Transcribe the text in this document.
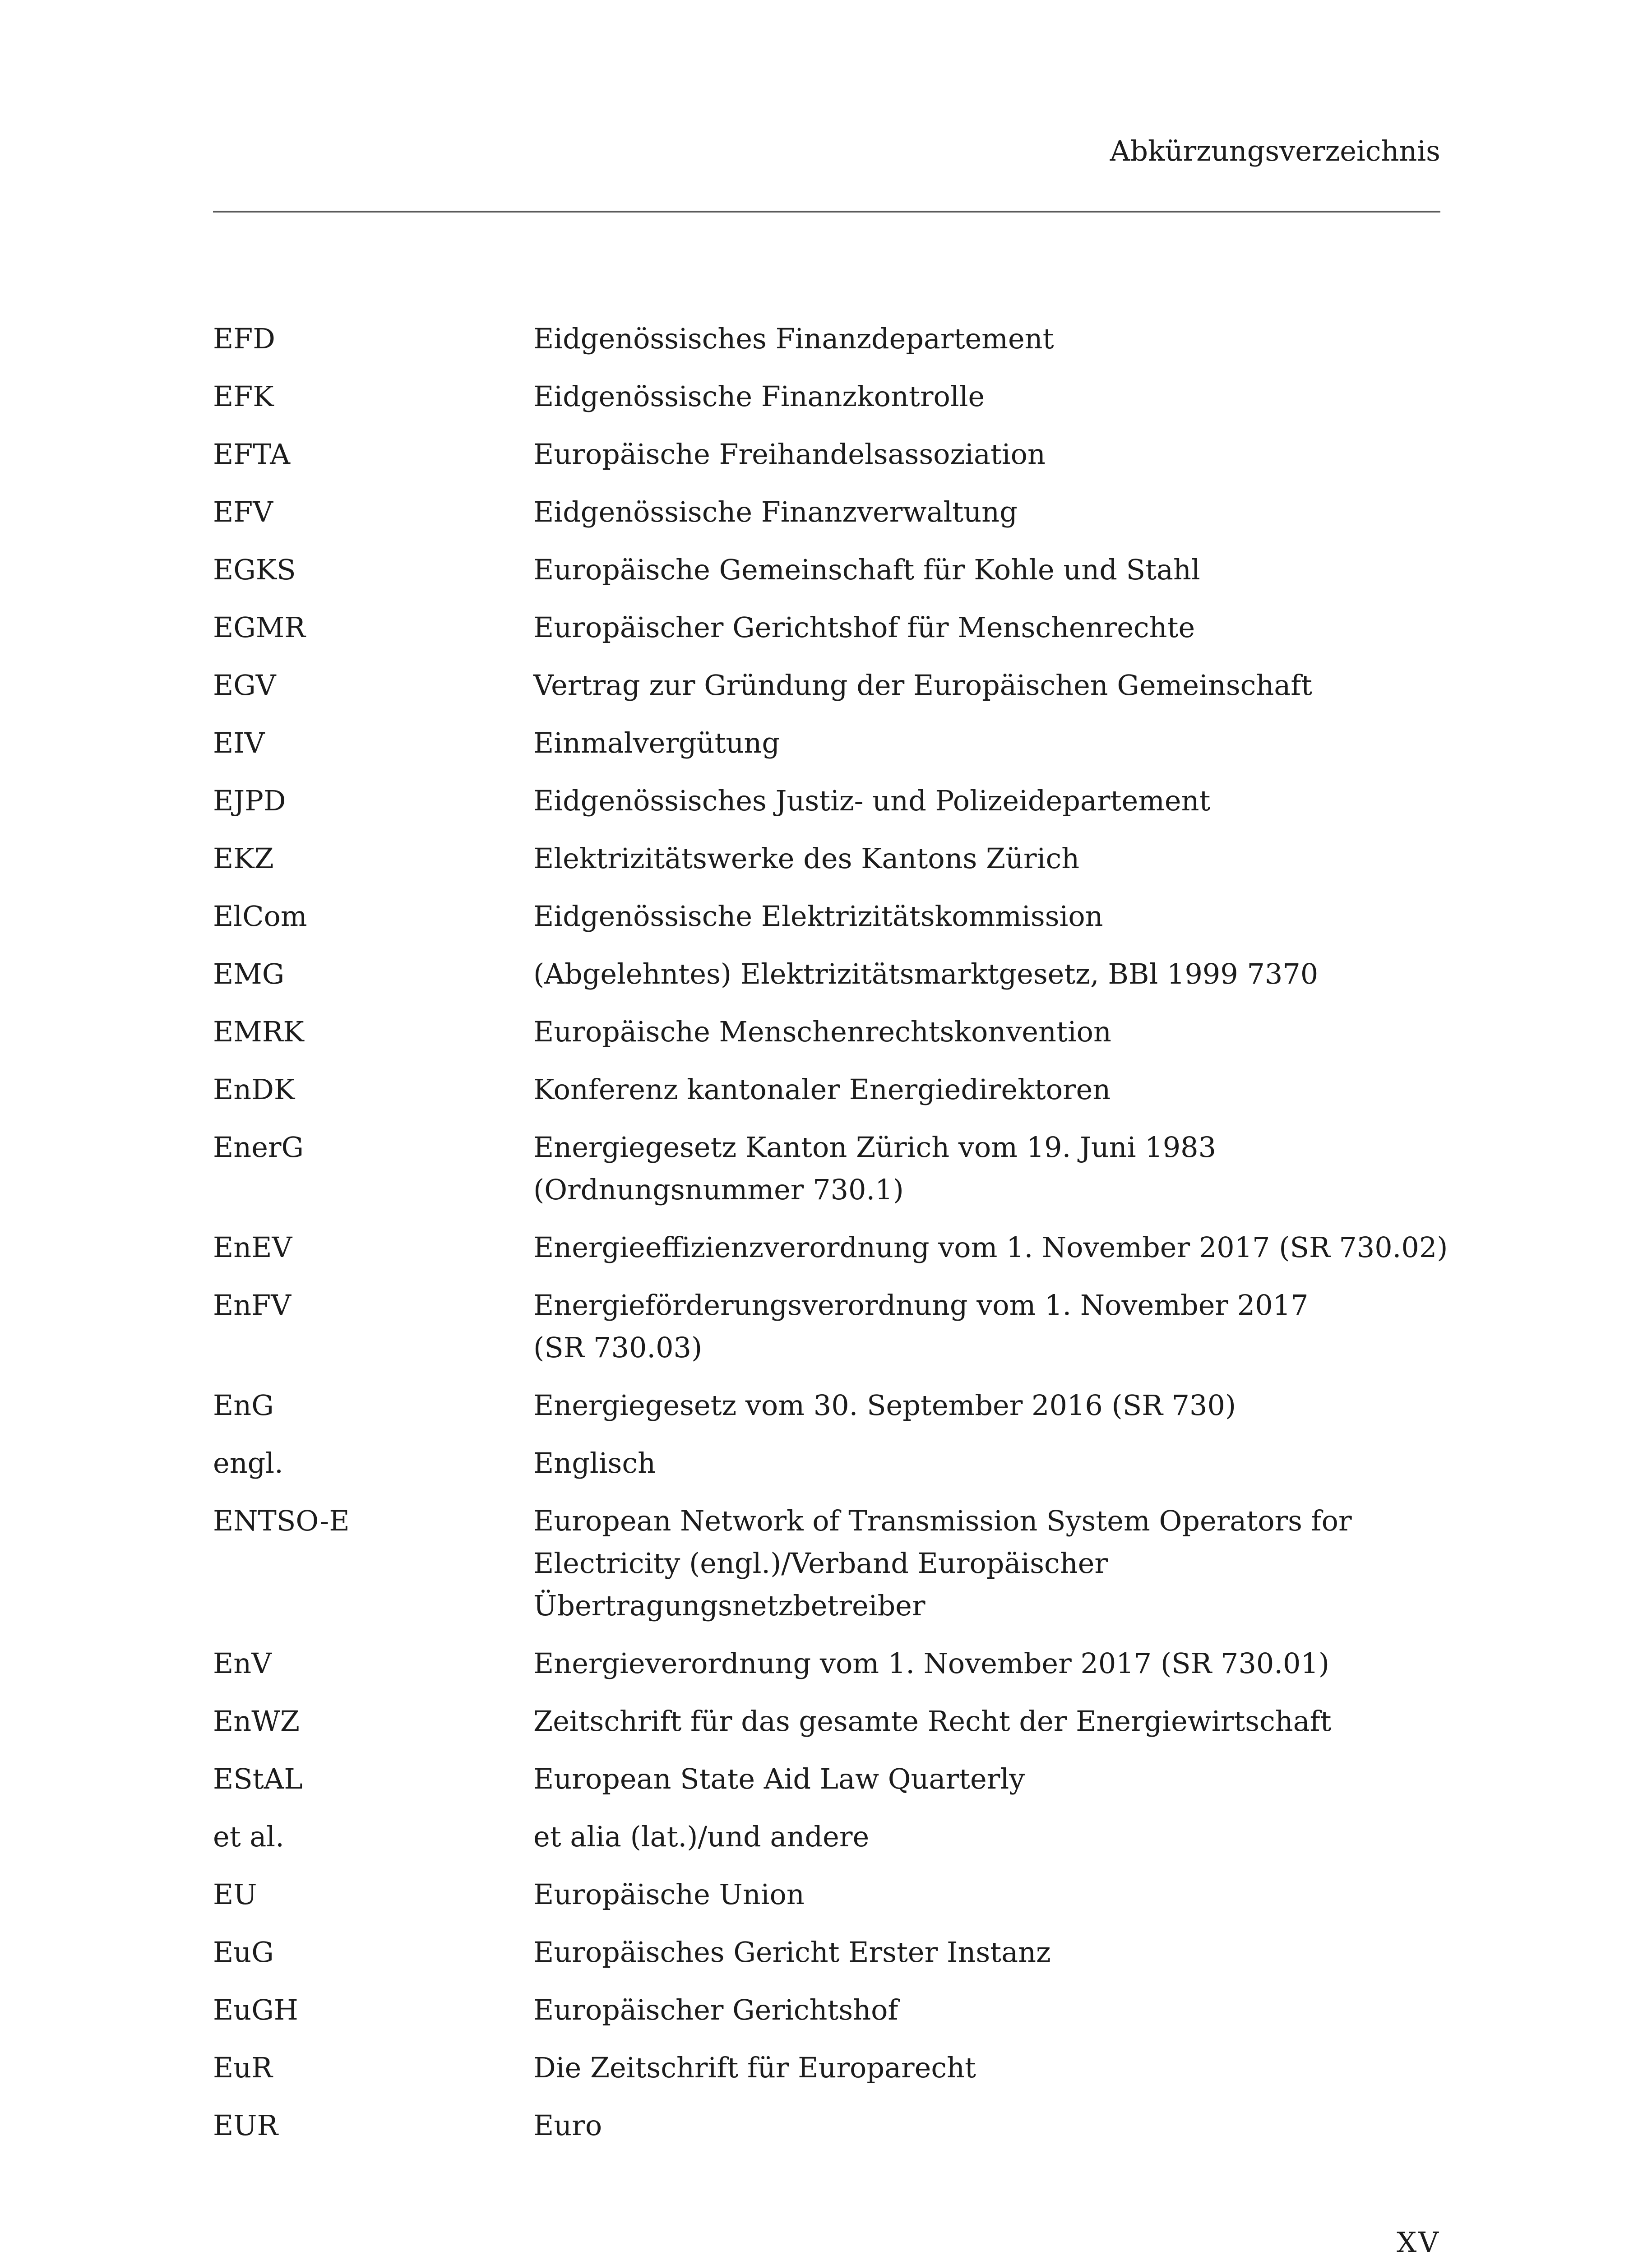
Abkürzungsverzeichnis
EFD	Eidgenössisches Finanzdepartement
EFK	Eidgenössische Finanzkontrolle
EFTA	Europäische Freihandelsassoziation
EFV	Eidgenössische Finanzverwaltung
EGKS	Europäische Gemeinschaft für Kohle und Stahl
EGMR	Europäischer Gerichtshof für Menschenrechte
EGV	Vertrag zur Gründung der Europäischen Gemeinschaft
EIV	Einmalvergütung
EJPD	Eidgenössisches Justiz- und Polizeidepartement
EKZ	Elektrizitätswerke des Kantons Zürich
ElCom	Eidgenössische Elektrizitätskommission
EMG	(Abgelehntes) Elektrizitätsmarktgesetz, BBl 1999 7370
EMRK	Europäische Menschenrechtskonvention
EnDK	Konferenz kantonaler Energiedirektoren
EnerG	Energiegesetz Kanton Zürich vom 19. Juni 1983
(Ordnungsnummer 730.1)
EnEV	Energieeffizienzverordnung vom 1. November 2017 (SR 730.02)
EnFV	Energieförderungsverordnung vom 1. November 2017
(SR 730.03)
EnG	Energiegesetz vom 30. September 2016 (SR 730)
engl.	Englisch
ENTSO-E	European Network of Transmission System Operators for
Electricity (engl.)/Verband Europäischer
Übertragungsnetzbetreiber
EnV	Energieverordnung vom 1. November 2017 (SR 730.01)
EnWZ	Zeitschrift für das gesamte Recht der Energiewirtschaft
EStAL	European State Aid Law Quarterly
et al.	et alia (lat.)/und andere
EU	Europäische Union
EuG	Europäisches Gericht Erster Instanz
EuGH	Europäischer Gerichtshof
EuR	Die Zeitschrift für Europarecht
EUR	Euro
XV
